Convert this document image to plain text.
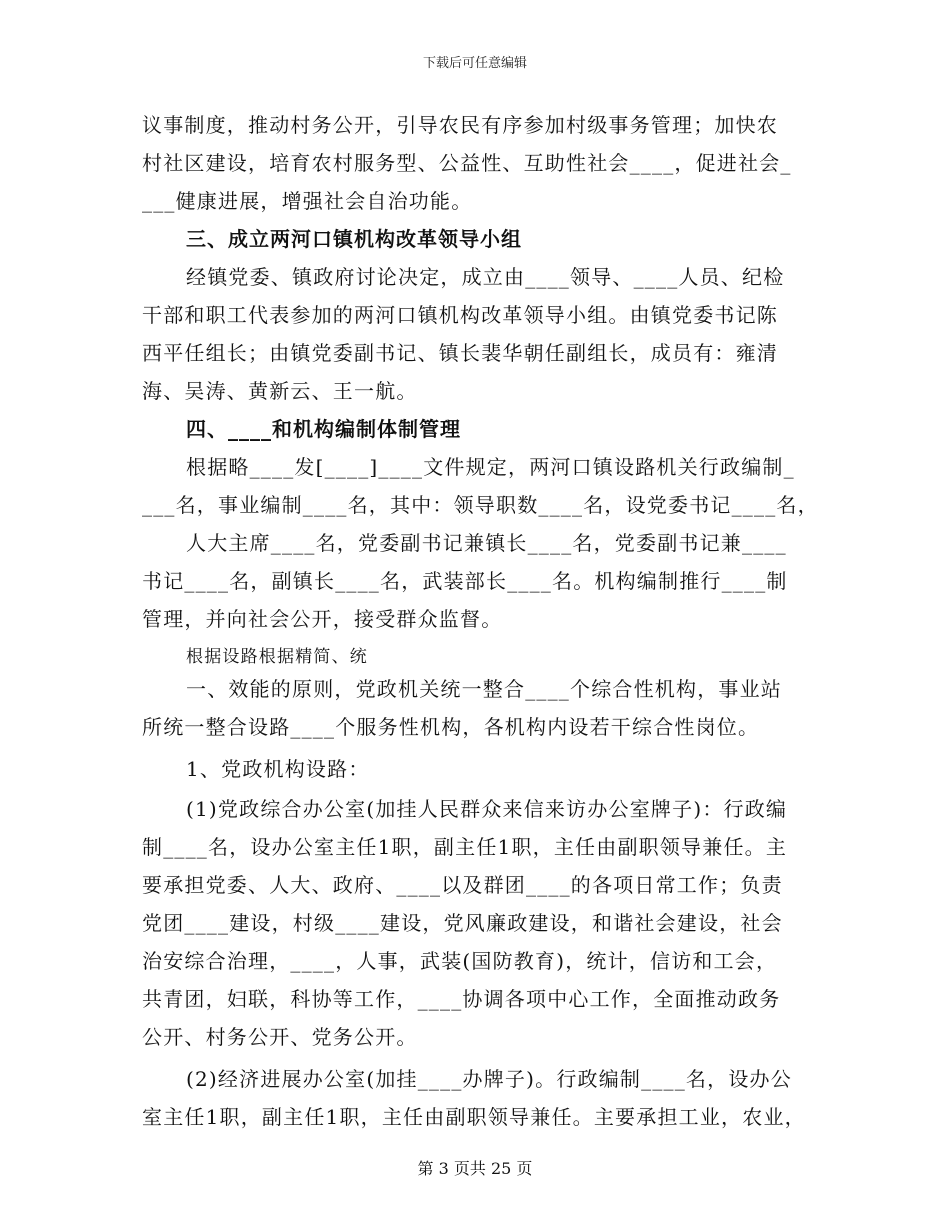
下载后可任意编辑
议事制度，推动村务公开，引导农民有序参加村级事务管理；加快农
村社区建设，培育农村服务型、公益性、互助性社会____，促进社会_
___健康进展，增强社会自治功能。
三、成立两河口镇机构改革领导小组
经镇党委、镇政府讨论决定，成立由____领导、____人员、纪检
干部和职工代表参加的两河口镇机构改革领导小组。由镇党委书记陈
西平任组长；由镇党委副书记、镇长裴华朝任副组长，成员有：雍清
海、吴涛、黄新云、王一航。
四、____和机构编制体制管理
根据略____发[____]____文件规定，两河口镇设路机关行政编制_
___名，事业编制____名，其中：领导职数____名，设党委书记____名，
人大主席____名，党委副书记兼镇长____名，党委副书记兼____
书记____名，副镇长____名，武装部长____名。机构编制推行____制
管理，并向社会公开，接受群众监督。
根据设路根据精简、统
一、效能的原则，党政机关统一整合____个综合性机构，事业站
所统一整合设路____个服务性机构，各机构内设若干综合性岗位。
1、党政机构设路：
(1)党政综合办公室(加挂人民群众来信来访办公室牌子)：行政编
制____名，设办公室主任1职，副主任1职，主任由副职领导兼任。主
要承担党委、人大、政府、____以及群团____的各项日常工作；负责
党团____建设，村级____建设，党风廉政建设，和谐社会建设，社会
治安综合治理，____，人事，武装(国防教育)，统计，信访和工会，
共青团，妇联，科协等工作，____协调各项中心工作，全面推动政务
公开、村务公开、党务公开。
(2)经济进展办公室(加挂____办牌子)。行政编制____名，设办公
室主任1职，副主任1职，主任由副职领导兼任。主要承担工业，农业，
第 3 页共 25 页
